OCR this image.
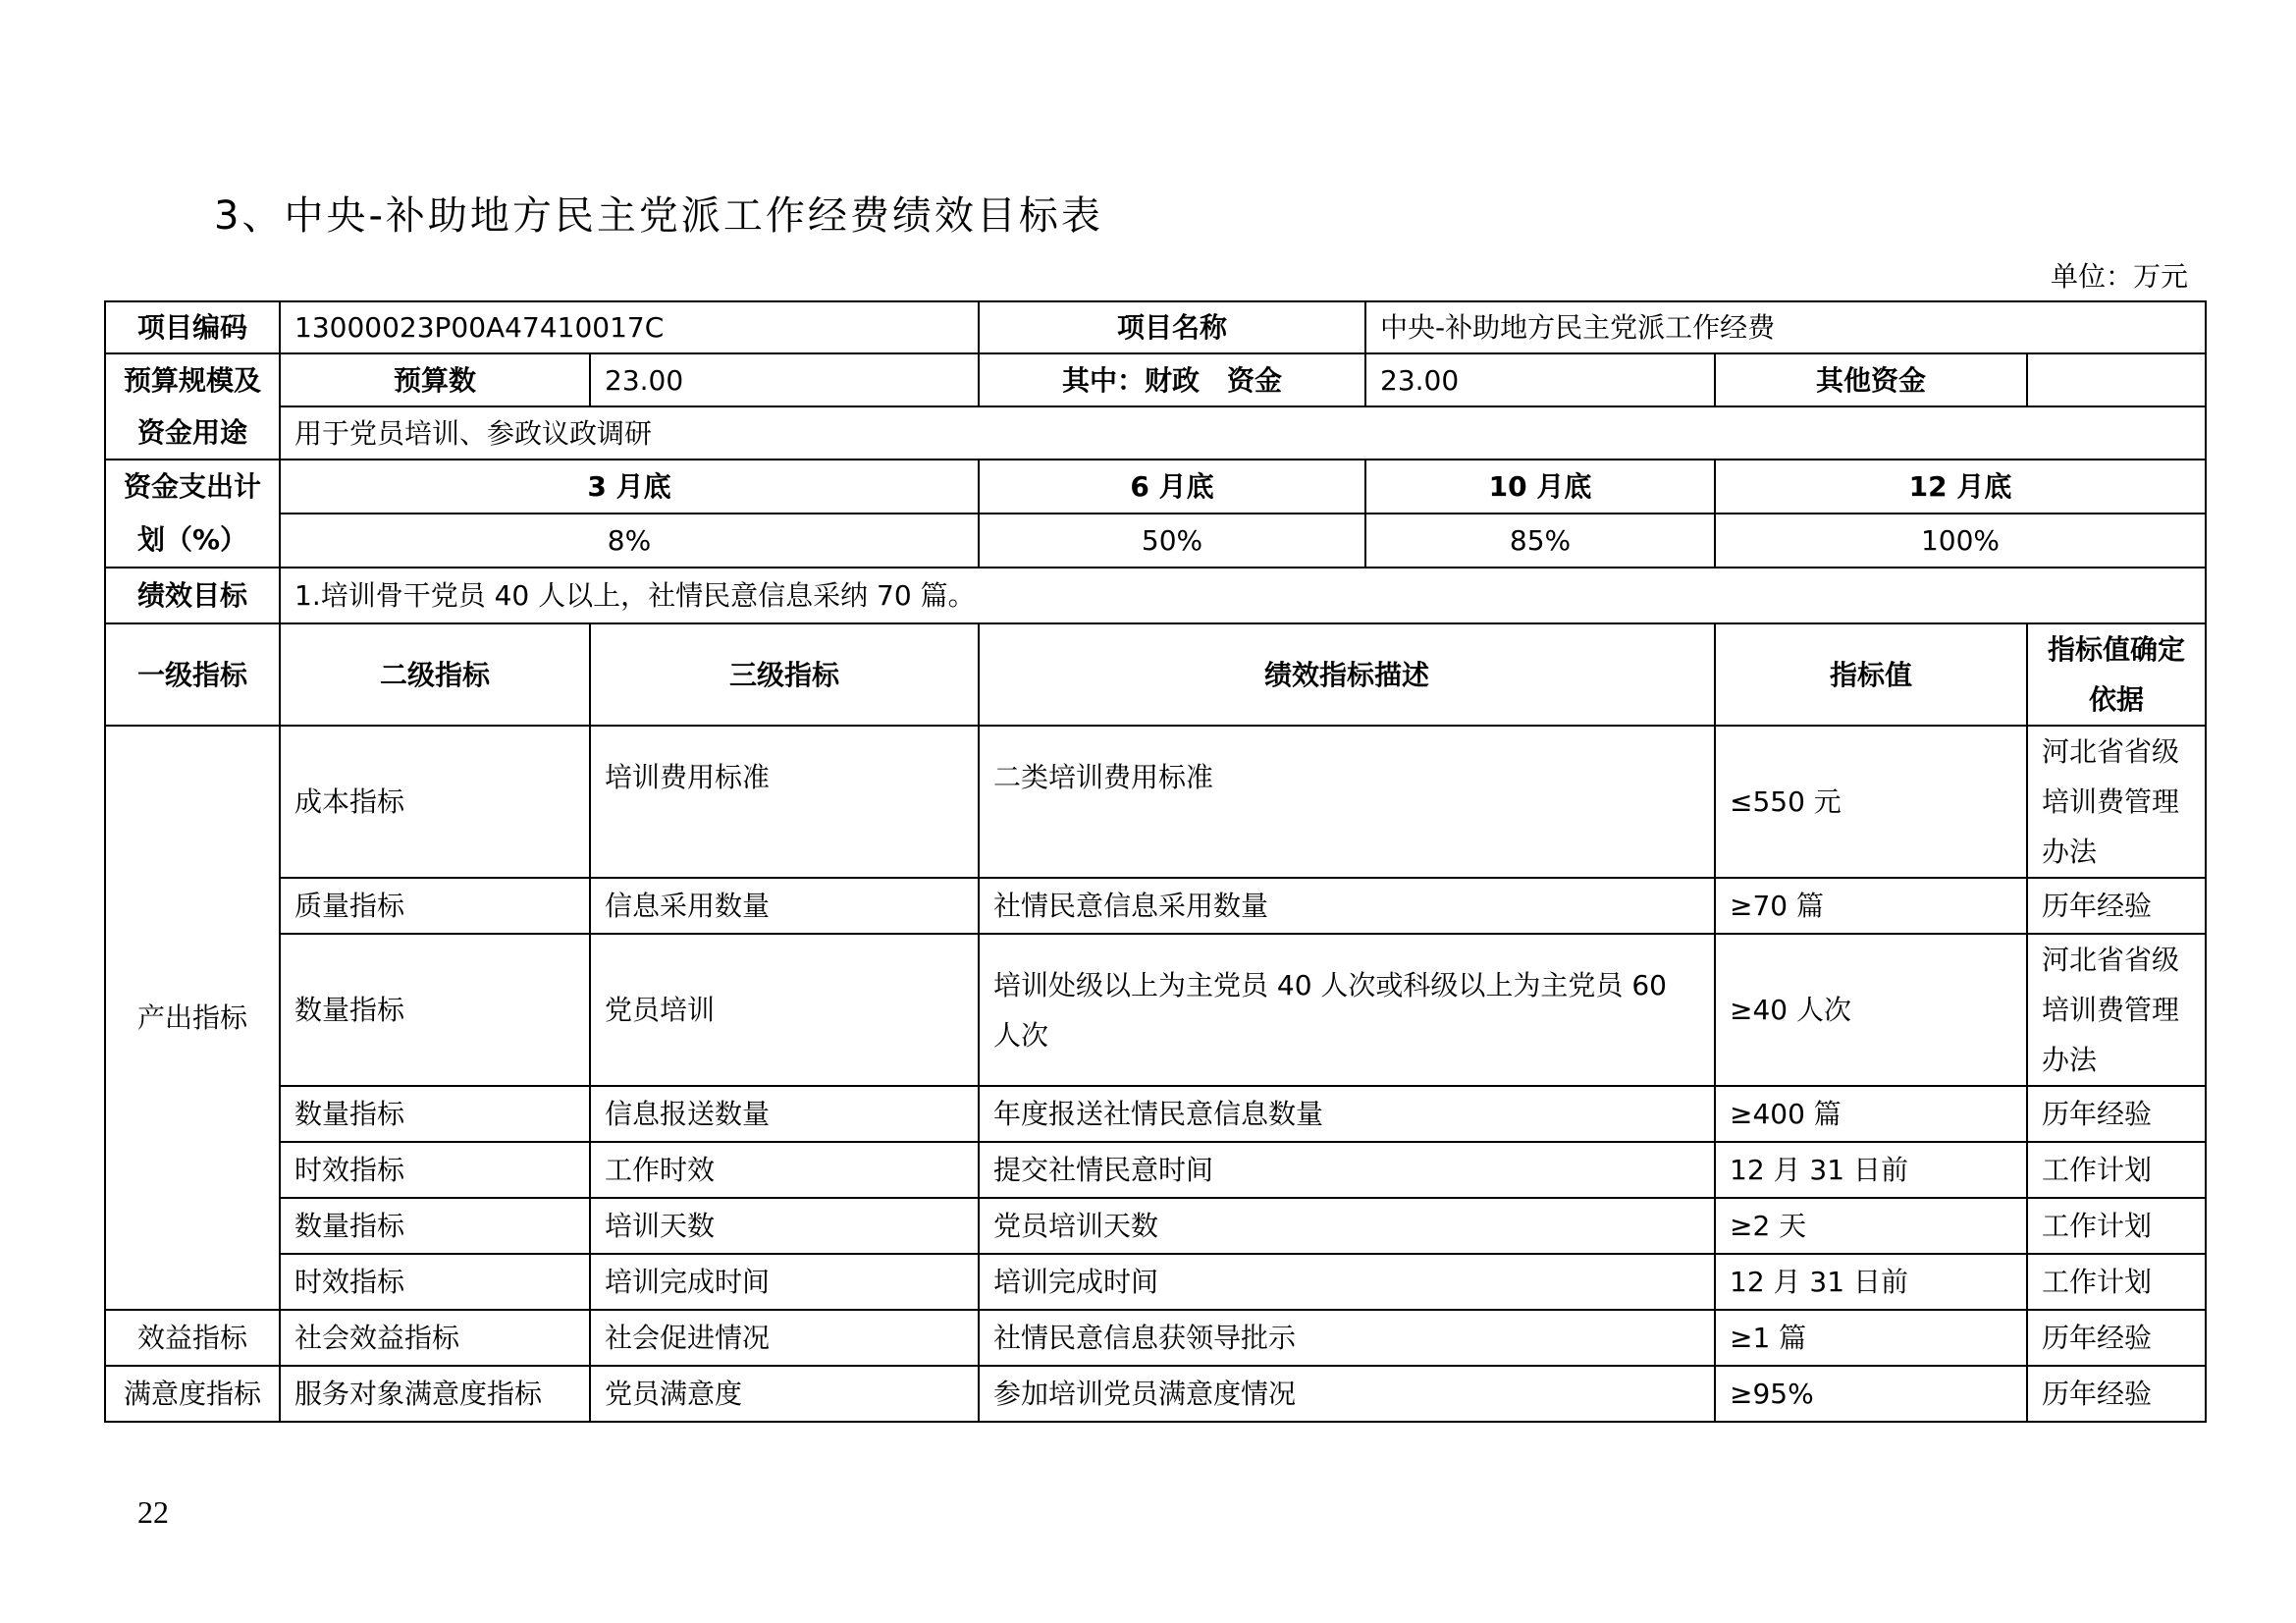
3、中央-补助地方民主党派工作经费绩效目标表
单位：万元
项目编码	13000023P00A47410017C		项目名称	中央-补助地方民主党派工作经费		

预算规模及
资金用途	预算数	23.00	其中：财政　资金	23.00	其他资金	
	用于党员培训、参政议政调研					

资金支出计
划（%）	3 月底		6 月底	10 月底	12 月底	
	8%		50%	85%	100%	
绩效目标	1.培训骨干党员 40 人以上，社情民意信息采纳 70 篇。					
一级指标	二级指标	三级指标	绩效指标描述		指标值	指标值确定
依据

产出指标	成本指标	培训费用标准	二类培训费用标准		≤550 元	河北省省级
培训费管理
办法

	质量指标	信息采用数量	社情民意信息采用数量		≥70 篇	历年经验
	数量指标	党员培训	培训处级以上为主党员 40 人次或科级以上为主党员 60 人次		≥40 人次	河北省省级
培训费管理
办法

	数量指标	信息报送数量	年度报送社情民意信息数量		≥400 篇	历年经验
	时效指标	工作时效	提交社情民意时间		12 月 31 日前	工作计划
	数量指标	培训天数	党员培训天数		≥2 天	工作计划
	时效指标	培训完成时间	培训完成时间		12 月 31 日前	工作计划
效益指标	社会效益指标	社会促进情况	社情民意信息获领导批示		≥1 篇	历年经验
满意度指标	服务对象满意度指标	党员满意度	参加培训党员满意度情况		≥95%	历年经验
22
